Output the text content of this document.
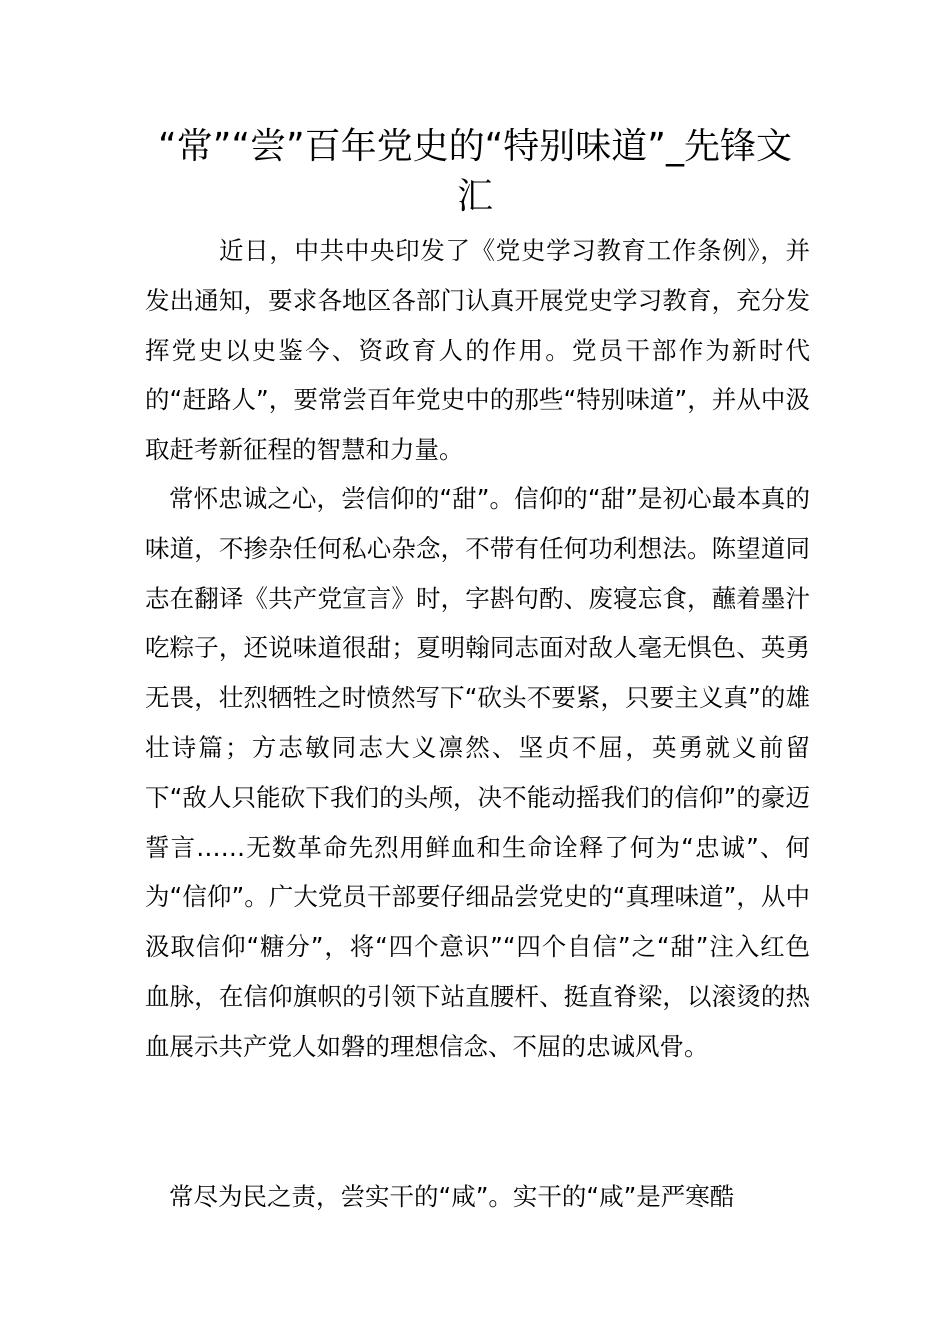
“常”“尝”百年党史的“特别味道”_先锋文汇

近日，中共中央印发了《党史学习教育工作条例》，并发出通知，要求各地区各部门认真开展党史学习教育，充分发挥党史以史鉴今、资政育人的作用。党员干部作为新时代的“赶路人”，要常尝百年党史中的那些“特别味道”，并从中汲取赶考新征程的智慧和力量。

常怀忠诚之心，尝信仰的“甜”。信仰的“甜”是初心最本真的味道，不掺杂任何私心杂念，不带有任何功利想法。陈望道同志在翻译《共产党宣言》时，字斟句酌、废寝忘食，蘸着墨汁吃粽子，还说味道很甜；夏明翰同志面对敌人毫无惧色、英勇无畏，壮烈牺牲之时愤然写下“砍头不要紧，只要主义真”的雄壮诗篇；方志敏同志大义凛然、坚贞不屈，英勇就义前留下“敌人只能砍下我们的头颅，决不能动摇我们的信仰”的豪迈誓言……无数革命先烈用鲜血和生命诠释了何为“忠诚”、何为“信仰”。广大党员干部要仔细品尝党史的“真理味道”，从中汲取信仰“糖分”，将“四个意识”“四个自信”之“甜”注入红色血脉，在信仰旗帜的引领下站直腰杆、挺直脊梁，以滚烫的热血展示共产党人如磐的理想信念、不屈的忠诚风骨。

常尽为民之责，尝实干的“咸”。实干的“咸”是严寒酷
